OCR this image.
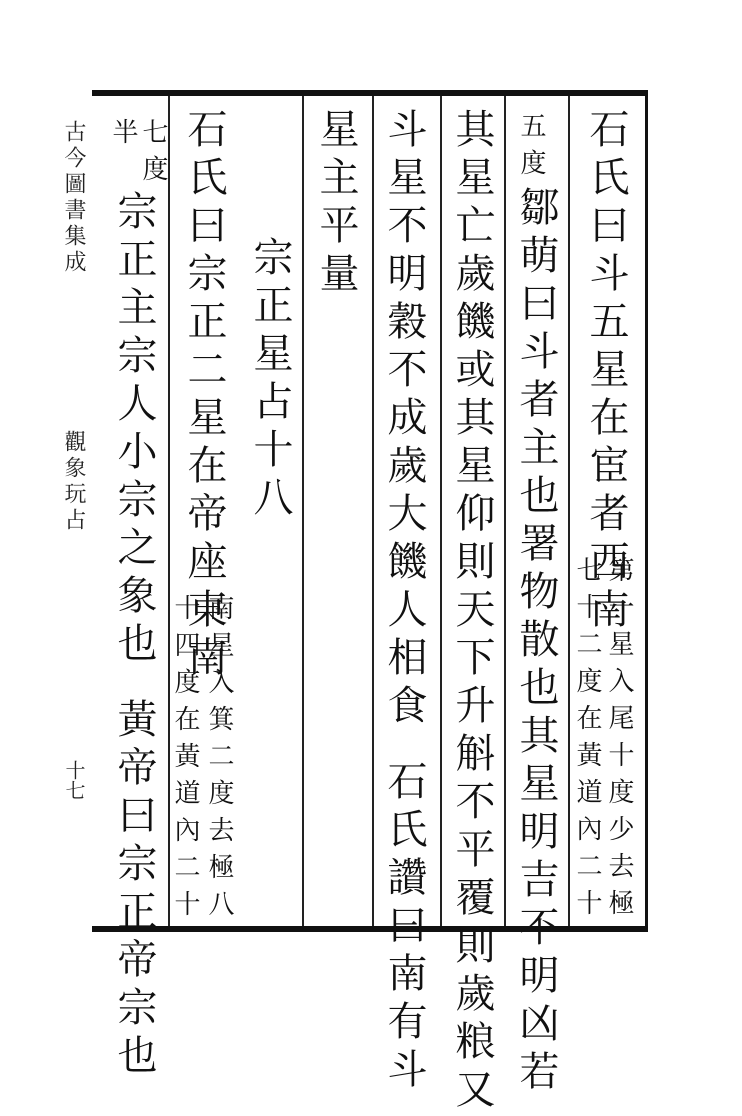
石氏曰斗五星在宦者西南
第一星入尾十度少去極
七十二度在黃道內二十
五度
鄒萌曰斗者主也署物散也其星明吉不明凶若
其星亡歲饑或其星仰則天下升斛不平覆則歲粮又
斗星不明穀不成歲大饑人相食石氏讚曰南有斗
星主平量
宗正星占十八
石氏曰宗正二星在帝座東南
南星入箕二度去極八
十四度在黃道內二十
七度
半
宗正主宗人小宗之象也黃帝曰宗正帝宗也
古今圖書集成
觀象玩占
十七
